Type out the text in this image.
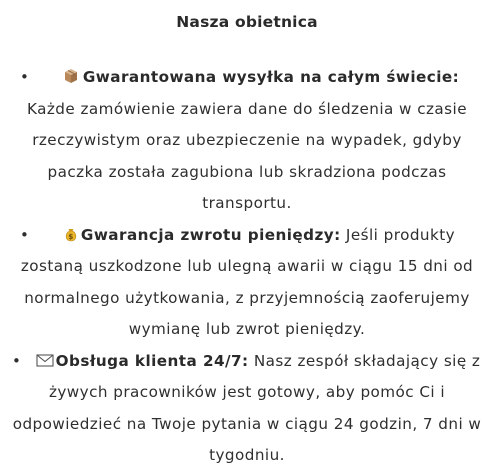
Nasza obietnica
•	Gwarantowana wysyłka na całym świecie: Każde zamówienie zawiera dane do śledzenia w czasie rzeczywistym oraz ubezpieczenie na wypadek, gdyby paczka została zagubiona lub skradziona podczas transportu.
•	$ Gwarancja zwrotu pieniędzy: Jeśli produkty zostaną uszkodzone lub ulegną awarii w ciągu 15 dni od normalnego użytkowania, z przyjemnością zaoferujemy wymianę lub zwrot pieniędzy.
• Obsługa klienta 24/7: Nasz zespół składający się z żywych pracowników jest gotowy, aby pomóc Ci i odpowiedzieć na Twoje pytania w ciągu 24 godzin, 7 dni w tygodniu.
